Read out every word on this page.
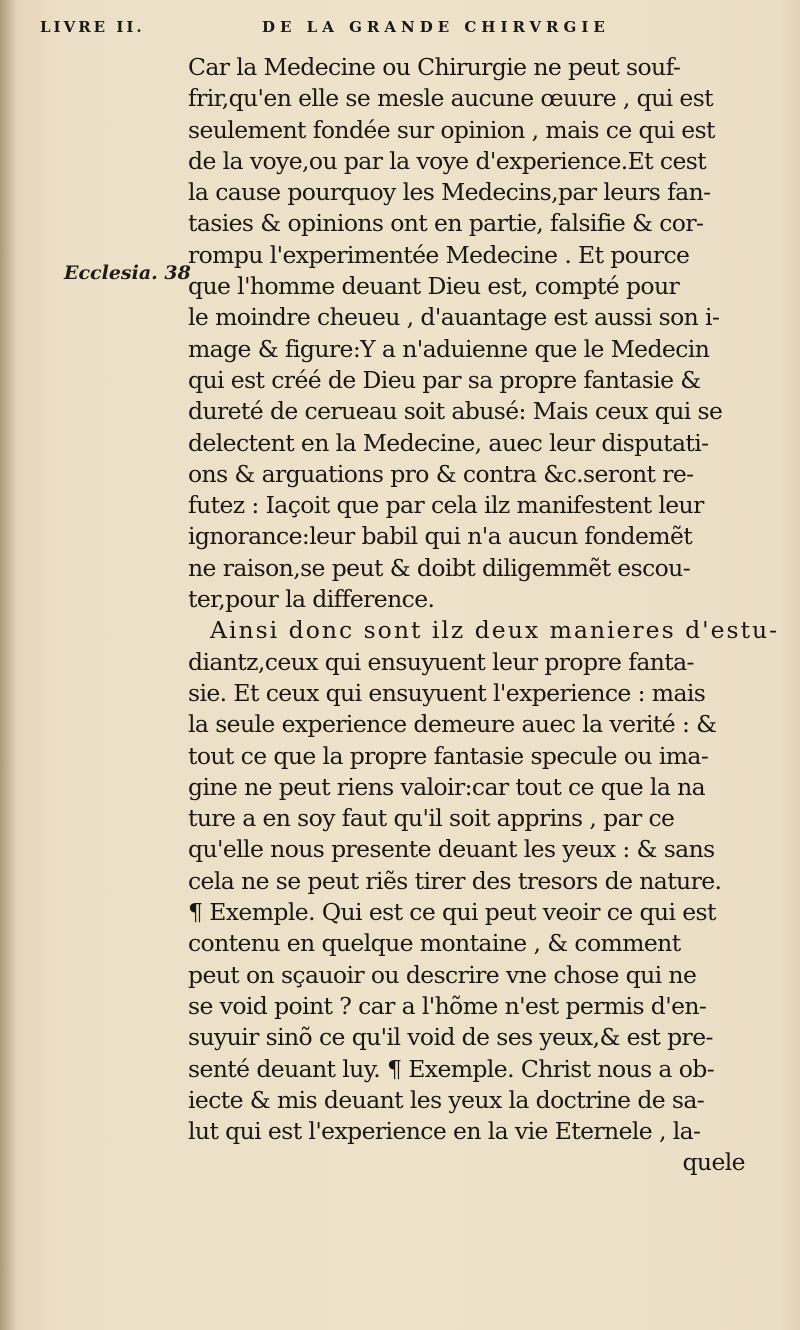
LIVRE II.	DE LA GRANDE CHIRVRGIE
Ecclesia. 38
Car la Medecine ou Chirurgie ne peut souf-
frir,qu'en elle se mesle aucune œuure , qui est
seulement fondée sur opinion , mais ce qui est
de la voye,ou par la voye d'experience.Et cest
la cause pourquoy les Medecins,par leurs fan-
tasies & opinions ont en partie, falsifie & cor-
rompu l'experimentée Medecine . Et pource
que l'homme deuant Dieu est, compté pour
le moindre cheueu , d'auantage est aussi son i-
mage & figure:Y a n'aduienne que le Medecin
qui est créé de Dieu par sa propre fantasie &
dureté de cerueau soit abusé: Mais ceux qui se
delectent en la Medecine, auec leur disputati-
ons & arguations pro & contra &c.seront re-
futez : Iaçoit que par cela ilz manifestent leur
ignorance:leur babil qui n'a aucun fondemẽt
ne raison,se peut & doibt diligemmẽt escou-
ter,pour la difference.
Ainsi donc sont ilz deux manieres d'estu-
diantz,ceux qui ensuyuent leur propre fanta-
sie. Et ceux qui ensuyuent l'experience : mais
la seule experience demeure auec la verité : &
tout ce que la propre fantasie specule ou ima-
gine ne peut riens valoir:car tout ce que la na
ture a en soy faut qu'il soit apprins , par ce
qu'elle nous presente deuant les yeux : & sans
cela ne se peut riẽs tirer des tresors de nature.
¶ Exemple. Qui est ce qui peut veoir ce qui est
contenu en quelque montaine , & comment
peut on sçauoir ou descrire vne chose qui ne
se void point ? car a l'hõme n'est permis d'en-
suyuir sinõ ce qu'il void de ses yeux,& est pre-
senté deuant luy. ¶ Exemple. Christ nous a ob-
iecte & mis deuant les yeux la doctrine de sa-
lut qui est l'experience en la vie Eternele , la-
quele
